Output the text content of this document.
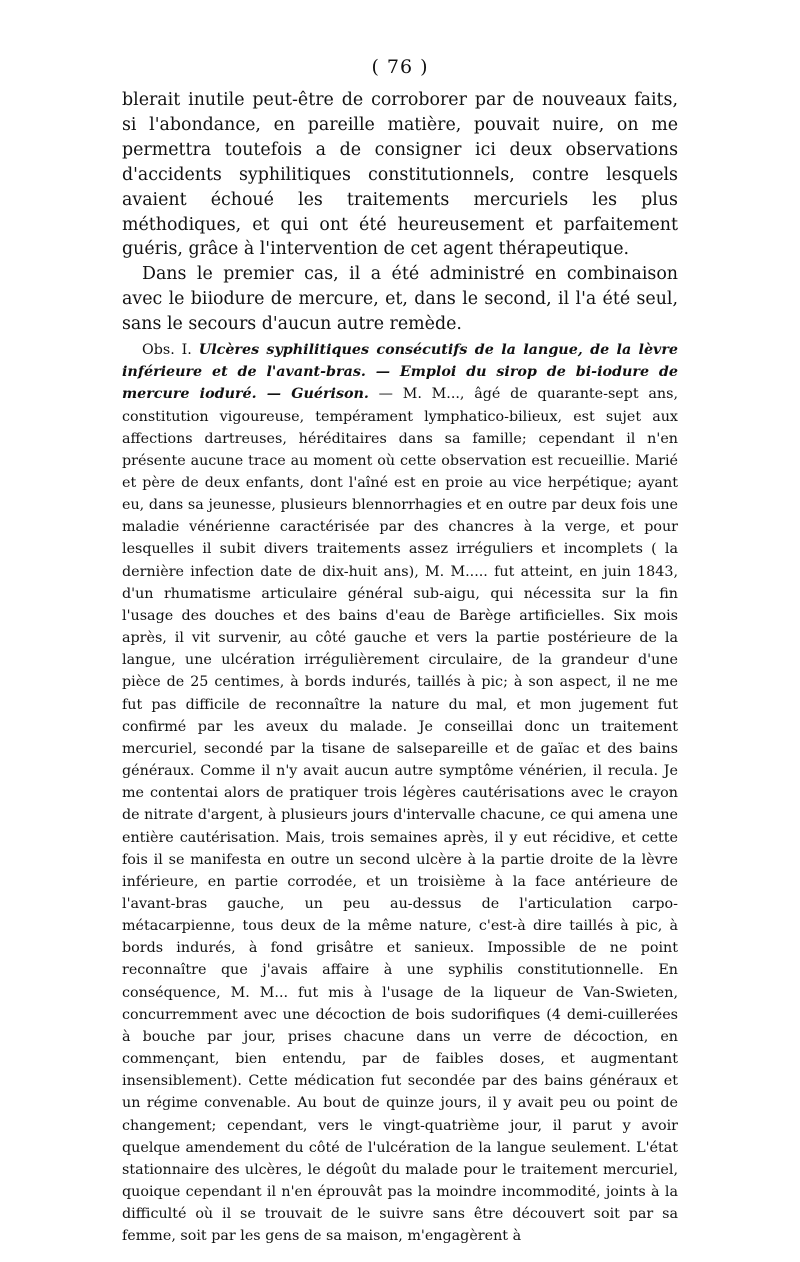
( 76 )

blerait inutile peut-être de corroborer par de nouveaux faits, si l'abondance, en pareille matière, pouvait nuire, on me permettra toutefois a de consigner ici deux observations d'accidents syphilitiques constitutionnels, contre lesquels avaient échoué les traitements mercuriels les plus méthodiques, et qui ont été heureusement et parfaitement guéris, grâce à l'intervention de cet agent thérapeutique.

Dans le premier cas, il a été administré en combinaison avec le biiodure de mercure, et, dans le second, il l'a été seul, sans le secours d'aucun autre remède.

Obs. I. Ulcères syphilitiques consécutifs de la langue, de la lèvre inférieure et de l'avant-bras. — Emploi du sirop de bi-iodure de mercure ioduré. — Guérison. — M. M..., âgé de quarante-sept ans, constitution vigoureuse, tempérament lymphatico-bilieux, est sujet aux affections dartreuses, héréditaires dans sa famille; cependant il n'en présente aucune trace au moment où cette observation est recueillie. Marié et père de deux enfants, dont l'aîné est en proie au vice herpétique; ayant eu, dans sa jeunesse, plusieurs blennorrhagies et en outre par deux fois une maladie vénérienne caractérisée par des chancres à la verge, et pour lesquelles il subit divers traitements assez irréguliers et incomplets ( la dernière infection date de dix-huit ans), M. M..... fut atteint, en juin 1843, d'un rhumatisme articulaire général sub-aigu, qui nécessita sur la fin l'usage des douches et des bains d'eau de Barège artificielles. Six mois après, il vit survenir, au côté gauche et vers la partie postérieure de la langue, une ulcération irrégulièrement circulaire, de la grandeur d'une pièce de 25 centimes, à bords indurés, taillés à pic; à son aspect, il ne me fut pas difficile de reconnaître la nature du mal, et mon jugement fut confirmé par les aveux du malade. Je conseillai donc un traitement mercuriel, secondé par la tisane de salsepareille et de gaïac et des bains généraux. Comme il n'y avait aucun autre symptôme vénérien, il recula. Je me contentai alors de pratiquer trois légères cautérisations avec le crayon de nitrate d'argent, à plusieurs jours d'intervalle chacune, ce qui amena une entière cautérisation. Mais, trois semaines après, il y eut récidive, et cette fois il se manifesta en outre un second ulcère à la partie droite de la lèvre inférieure, en partie corrodée, et un troisième à la face antérieure de l'avant-bras gauche, un peu au-dessus de l'articulation carpo-métacarpienne, tous deux de la même nature, c'est-à dire taillés à pic, à bords indurés, à fond grisâtre et sanieux. Impossible de ne point reconnaître que j'avais affaire à une syphilis constitutionnelle. En conséquence, M. M... fut mis à l'usage de la liqueur de Van-Swieten, concurremment avec une décoction de bois sudorifiques (4 demi-cuillerées à bouche par jour, prises chacune dans un verre de décoction, en commençant, bien entendu, par de faibles doses, et augmentant insensiblement). Cette médication fut secondée par des bains généraux et un régime convenable. Au bout de quinze jours, il y avait peu ou point de changement; cependant, vers le vingt-quatrième jour, il parut y avoir quelque amendement du côté de l'ulcération de la langue seulement. L'état stationnaire des ulcères, le dégoût du malade pour le traitement mercuriel, quoique cependant il n'en éprouvât pas la moindre incommodité, joints à la difficulté où il se trouvait de le suivre sans être découvert soit par sa femme, soit par les gens de sa maison, m'engagèrent à
